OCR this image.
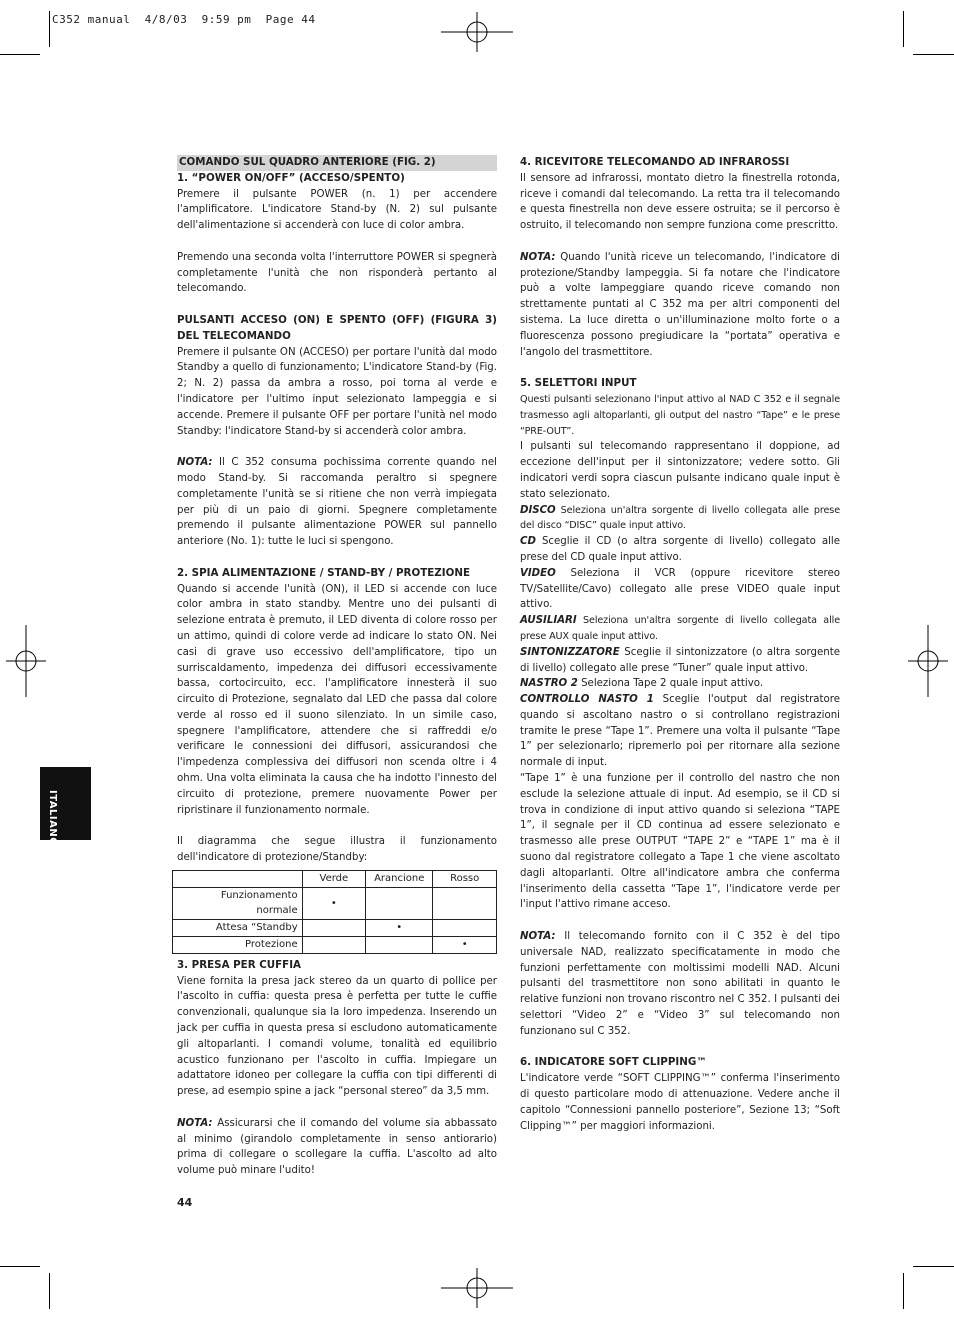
C352 manual  4/8/03  9:59 pm  Page 44
ITALIANO

COMANDO SUL QUADRO ANTERIORE (FIG. 2)

1. “POWER ON/OFF” (ACCESO/SPENTO)

Premere il pulsante POWER (n. 1) per accendere l'amplificatore. L'indicatore Stand-by (N. 2) sul pulsante dell'alimentazione si accenderà con luce di color ambra.

Premendo una seconda volta l'interruttore POWER si spegnerà completamente l'unità che non risponderà pertanto al telecomando.

PULSANTI ACCESO (ON) E SPENTO (OFF) (FIGURA 3) DEL TELECOMANDO

Premere il pulsante ON (ACCESO) per portare l'unità dal modo Standby a quello di funzionamento; L'indicatore Stand-by (Fig. 2; N. 2) passa da ambra a rosso, poi torna al verde e l'indicatore per l'ultimo input selezionato lampeggia e si accende. Premere il pulsante OFF per portare l'unità nel modo Standby: l'indicatore Stand-by si accenderà color ambra.

NOTA: Il C 352 consuma pochissima corrente quando nel modo Stand-by. Si raccomanda peraltro si spegnere completamente l'unità se si ritiene che non verrà impiegata per più di un paio di giorni. Spegnere completamente premendo il pulsante alimentazione POWER sul pannello anteriore (No. 1): tutte le luci si spengono.

2. SPIA ALIMENTAZIONE / STAND-BY / PROTEZIONE

Quando si accende l'unità (ON), il LED si accende con luce color ambra in stato standby. Mentre uno dei pulsanti di selezione entrata è premuto, il LED diventa di colore rosso per un attimo, quindi di colore verde ad indicare lo stato ON. Nei casi di grave uso eccessivo dell'amplificatore, tipo un surriscaldamento, impedenza dei diffusori eccessivamente bassa, cortocircuito, ecc. l'amplificatore innesterà il suo circuito di Protezione, segnalato dal LED che passa dal colore verde al rosso ed il suono silenziato. In un simile caso, spegnere l'amplificatore, attendere che si raffreddi e/o verificare le connessioni dei diffusori, assicurandosi che l'impedenza complessiva dei diffusori non scenda oltre i 4 ohm. Una volta eliminata la causa che ha indotto l'innesto del circuito di protezione, premere nuovamente Power per ripristinare il funzionamento normale.

Il diagramma che segue illustra il funzionamento dell'indicatore di protezione/Standby:

	Verde	Arancione	Rosso
Funzionamento normale	•		
Attesa “Standby		•	
Protezione			•

3. PRESA PER CUFFIA

Viene fornita la presa jack stereo da un quarto di pollice per l'ascolto in cuffia: questa presa è perfetta per tutte le cuffie convenzionali, qualunque sia la loro impedenza. Inserendo un jack per cuffia in questa presa si escludono automaticamente gli altoparlanti. I comandi volume, tonalità ed equilibrio acustico funzionano per l'ascolto in cuffia. Impiegare un adattatore idoneo per collegare la cuffia con tipi differenti di prese, ad esempio spine a jack “personal stereo” da 3,5 mm.

NOTA: Assicurarsi che il comando del volume sia abbassato al minimo (girandolo completamente in senso antiorario) prima di collegare o scollegare la cuffia. L'ascolto ad alto volume può minare l'udito!

4. RICEVITORE TELECOMANDO AD INFRAROSSI

Il sensore ad infrarossi, montato dietro la finestrella rotonda, riceve i comandi dal telecomando. La retta tra il telecomando e questa finestrella non deve essere ostruita; se il percorso è ostruito, il telecomando non sempre funziona come prescritto.

NOTA: Quando l'unità riceve un telecomando, l'indicatore di protezione/Standby lampeggia. Si fa notare che l'indicatore può a volte lampeggiare quando riceve comando non strettamente puntati al C 352 ma per altri componenti del sistema. La luce diretta o un'illuminazione molto forte o a fluorescenza possono pregiudicare la “portata” operativa e l'angolo del trasmettitore.

5. SELETTORI INPUT

Questi pulsanti selezionano l'input attivo al NAD C 352 e il segnale trasmesso agli altoparlanti, gli output del nastro “Tape” e le prese “PRE-OUT”.

I pulsanti sul telecomando rappresentano il doppione, ad eccezione dell'input per il sintonizzatore; vedere sotto. Gli indicatori verdi sopra ciascun pulsante indicano quale input è stato selezionato.

DISCO Seleziona un'altra sorgente di livello collegata alle prese del disco “DISC” quale input attivo.

CD Sceglie il CD (o altra sorgente di livello) collegato alle prese del CD quale input attivo.

VIDEO Seleziona il VCR (oppure ricevitore stereo TV/Satellite/Cavo) collegato alle prese VIDEO quale input attivo.

AUSILIARI Seleziona un'altra sorgente di livello collegata alle prese AUX quale input attivo.

SINTONIZZATORE Sceglie il sintonizzatore (o altra sorgente di livello) collegato alle prese “Tuner” quale input attivo.

NASTRO 2 Seleziona Tape 2 quale input attivo.

CONTROLLO NASTO 1 Sceglie l'output dal registratore quando si ascoltano nastro o si controllano registrazioni tramite le prese “Tape 1”. Premere una volta il pulsante “Tape 1” per selezionarlo; ripremerlo poi per ritornare alla sezione normale di input.

“Tape 1” è una funzione per il controllo del nastro che non esclude la selezione attuale di input. Ad esempio, se il CD si trova in condizione di input attivo quando si seleziona “TAPE 1”, il segnale per il CD continua ad essere selezionato e trasmesso alle prese OUTPUT “TAPE 2” e “TAPE 1” ma è il suono dal registratore collegato a Tape 1 che viene ascoltato dagli altoparlanti. Oltre all'indicatore ambra che conferma l'inserimento della cassetta “Tape 1”, l'indicatore verde per l'input l'attivo rimane acceso.

NOTA: Il telecomando fornito con il C 352 è del tipo universale NAD, realizzato specificatamente in modo che funzioni perfettamente con moltissimi modelli NAD. Alcuni pulsanti del trasmettitore non sono abilitati in quanto le relative funzioni non trovano riscontro nel C 352. I pulsanti dei selettori “Video 2” e “Video 3” sul telecomando non funzionano sul C 352.

6. INDICATORE SOFT CLIPPING™

L'indicatore verde “SOFT CLIPPING™” conferma l'inserimento di questo particolare modo di attenuazione. Vedere anche il capitolo “Connessioni pannello posteriore”, Sezione 13; “Soft Clipping™” per maggiori informazioni.

44
